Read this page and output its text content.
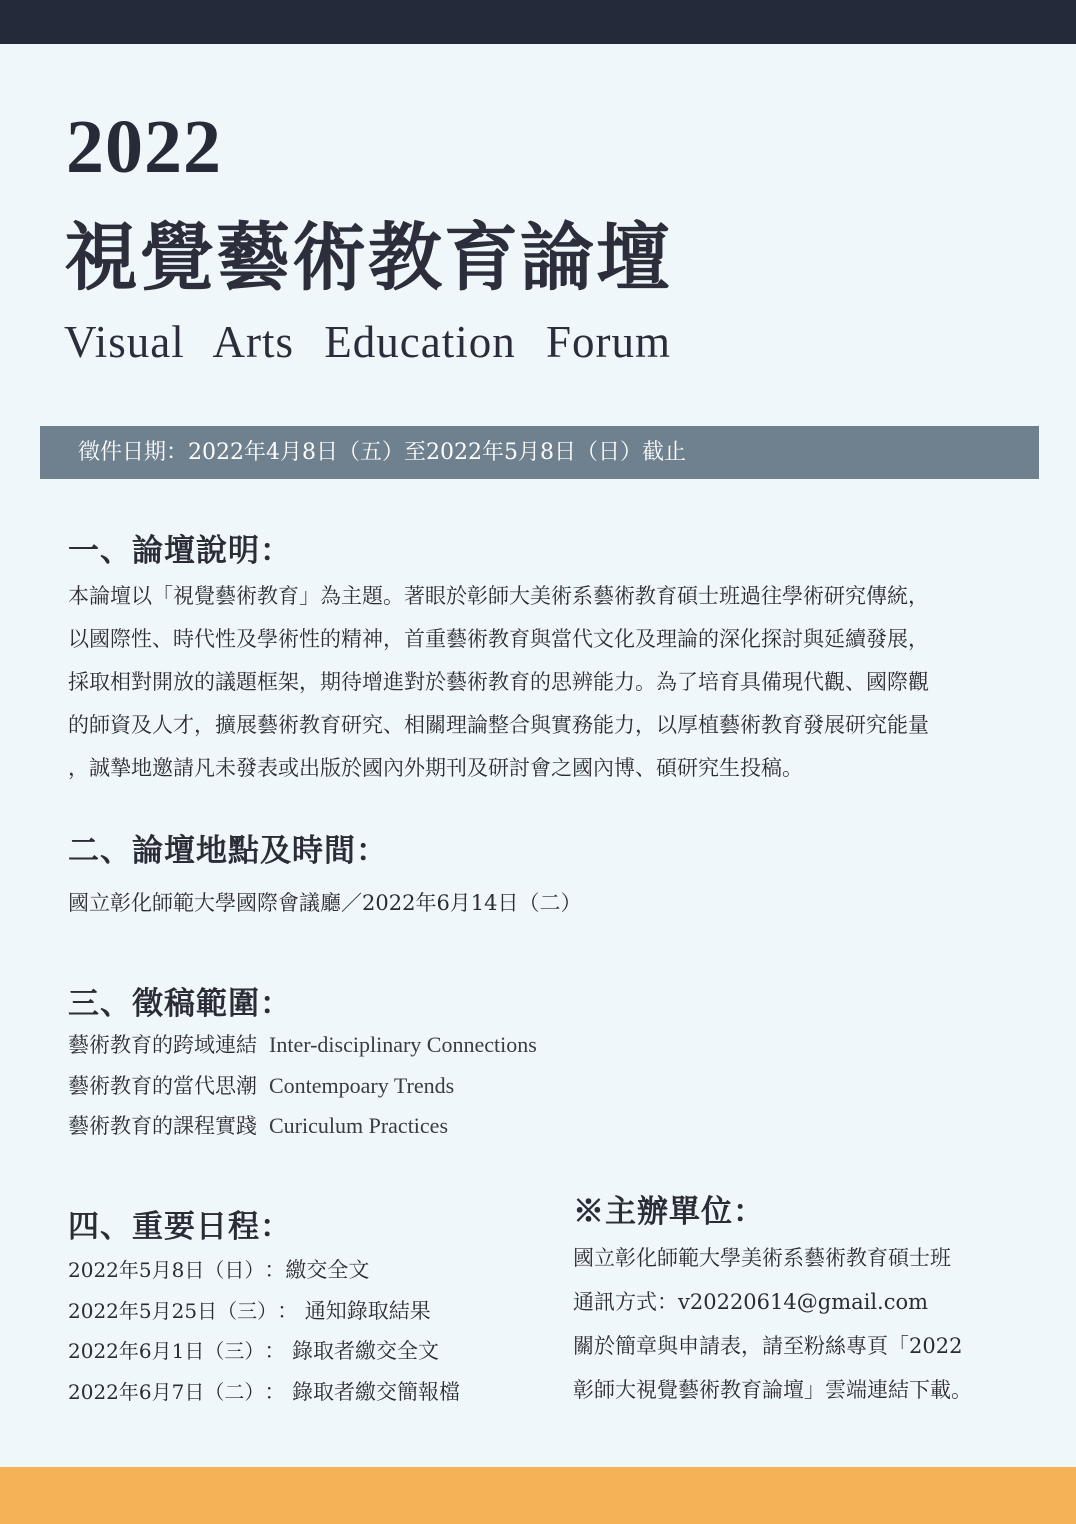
2022
視覺藝術教育論壇
Visual Arts Education Forum
徵件日期：2022年4月8日（五）至2022年5月8日（日）截止
一、論壇說明：
本論壇以「視覺藝術教育」為主題。著眼於彰師大美術系藝術教育碩士班過往學術研究傳統，
以國際性、時代性及學術性的精神，首重藝術教育與當代文化及理論的深化探討與延續發展，
採取相對開放的議題框架，期待增進對於藝術教育的思辨能力。為了培育具備現代觀、國際觀
的師資及人才，擴展藝術教育研究、相關理論整合與實務能力，以厚植藝術教育發展研究能量
，誠摯地邀請凡未發表或出版於國內外期刊及研討會之國內博、碩研究生投稿。
二、論壇地點及時間：
國立彰化師範大學國際會議廳／2022年6月14日（二）
三、徵稿範圍：
藝術教育的跨域連結 Inter-disciplinary Connections
藝術教育的當代思潮 Contempoary Trends
藝術教育的課程實踐 Curiculum Practices
四、重要日程：
2022年5月8日（日） ：繳交全文
2022年5月25日（三） ： 通知錄取結果
2022年6月1日（三） ： 錄取者繳交全文
2022年6月7日（二） ： 錄取者繳交簡報檔
※主辦單位：
國立彰化師範大學美術系藝術教育碩士班
通訊方式：v20220614@gmail.com
關於簡章與申請表，請至粉絲專頁「2022
彰師大視覺藝術教育論壇」雲端連結下載。
